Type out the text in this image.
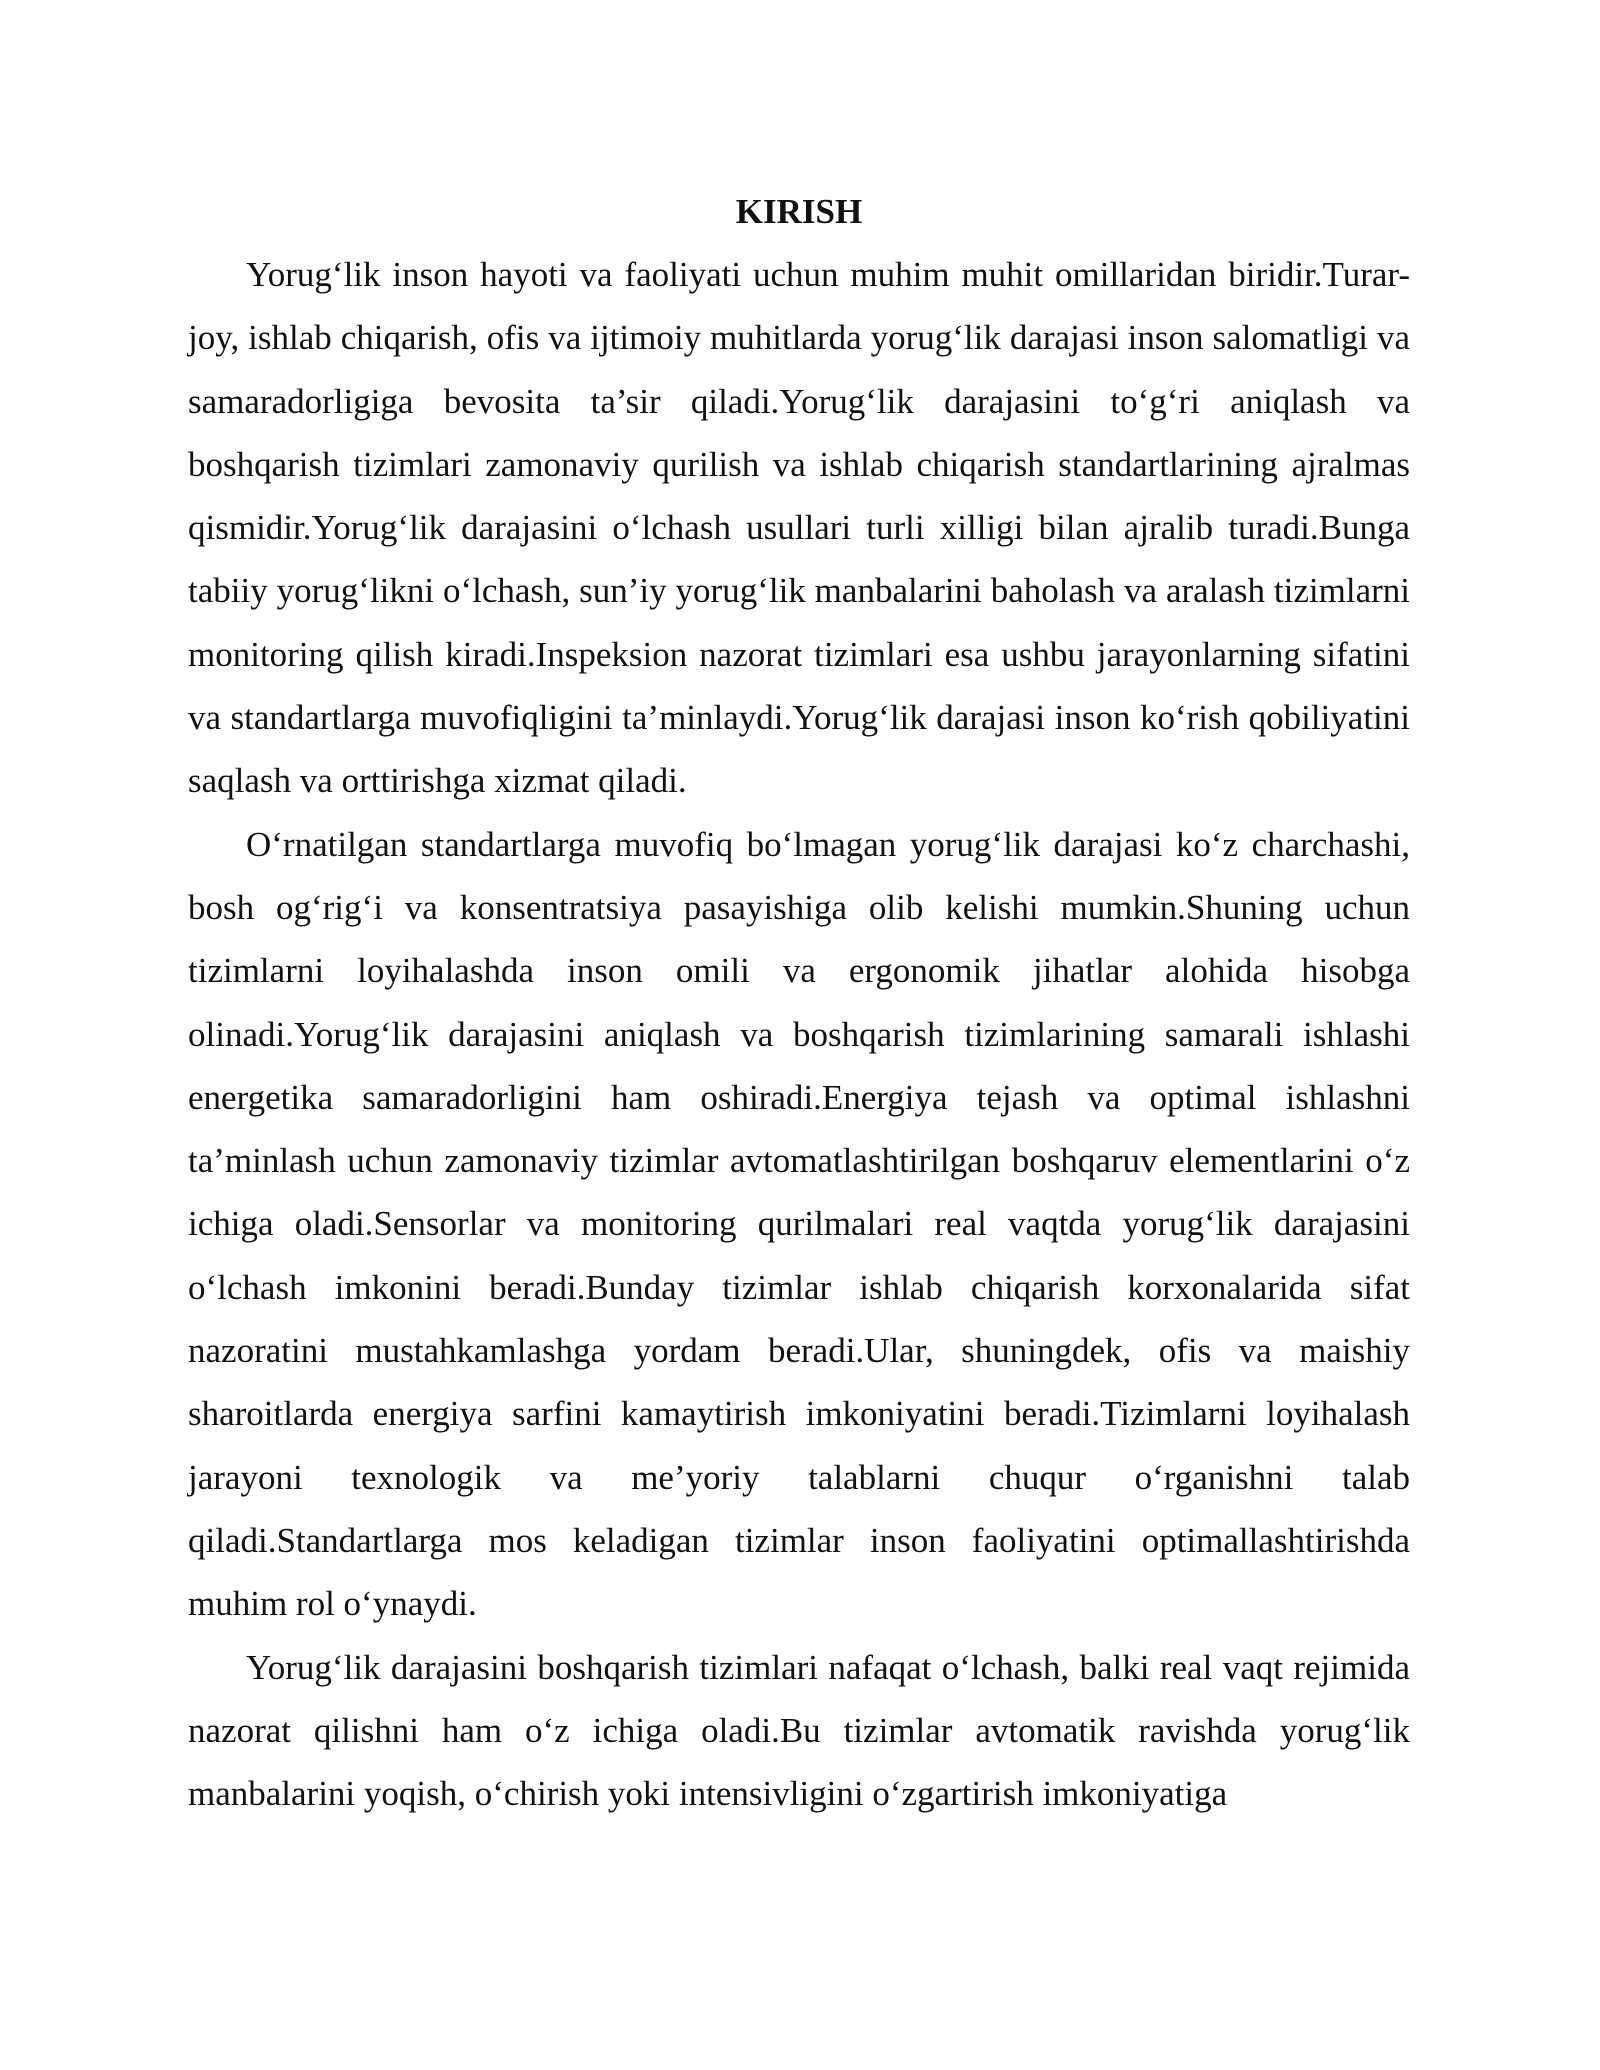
KIRISH

Yorug‘lik inson hayoti va faoliyati uchun muhim muhit omillaridan biridir.Turar-joy, ishlab chiqarish, ofis va ijtimoiy muhitlarda yorug‘lik darajasi inson salomatligi va samaradorligiga bevosita ta’sir qiladi.Yorug‘lik darajasini to‘g‘ri aniqlash va boshqarish tizimlari zamonaviy qurilish va ishlab chiqarish standartlarining ajralmas qismidir.Yorug‘lik darajasini o‘lchash usullari turli xilligi bilan ajralib turadi.Bunga tabiiy yorug‘likni o‘lchash, sun’iy yorug‘lik manbalarini baholash va aralash tizimlarni monitoring qilish kiradi.Inspeksion nazorat tizimlari esa ushbu jarayonlarning sifatini va standartlarga muvofiqligini ta’minlaydi.Yorug‘lik darajasi inson ko‘rish qobiliyatini saqlash va orttirishga xizmat qiladi.

O‘rnatilgan standartlarga muvofiq bo‘lmagan yorug‘lik darajasi ko‘z charchashi, bosh og‘rig‘i va konsentratsiya pasayishiga olib kelishi mumkin.Shuning uchun tizimlarni loyihalashda inson omili va ergonomik jihatlar alohida hisobga olinadi.Yorug‘lik darajasini aniqlash va boshqarish tizimlarining samarali ishlashi energetika samaradorligini ham oshiradi.Energiya tejash va optimal ishlashni ta’minlash uchun zamonaviy tizimlar avtomatlashtirilgan boshqaruv elementlarini o‘z ichiga oladi.Sensorlar va monitoring qurilmalari real vaqtda yorug‘lik darajasini o‘lchash imkonini beradi.Bunday tizimlar ishlab chiqarish korxonalarida sifat nazoratini mustahkamlashga yordam beradi.Ular, shuningdek, ofis va maishiy sharoitlarda energiya sarfini kamaytirish imkoniyatini beradi.Tizimlarni loyihalash jarayoni texnologik va me’yoriy talablarni chuqur o‘rganishni talab qiladi.Standartlarga mos keladigan tizimlar inson faoliyatini optimallashtirishda muhim rol o‘ynaydi.

Yorug‘lik darajasini boshqarish tizimlari nafaqat o‘lchash, balki real vaqt rejimida nazorat qilishni ham o‘z ichiga oladi.Bu tizimlar avtomatik ravishda yorug‘lik manbalarini yoqish, o‘chirish yoki intensivligini o‘zgartirish imkoniyatiga
